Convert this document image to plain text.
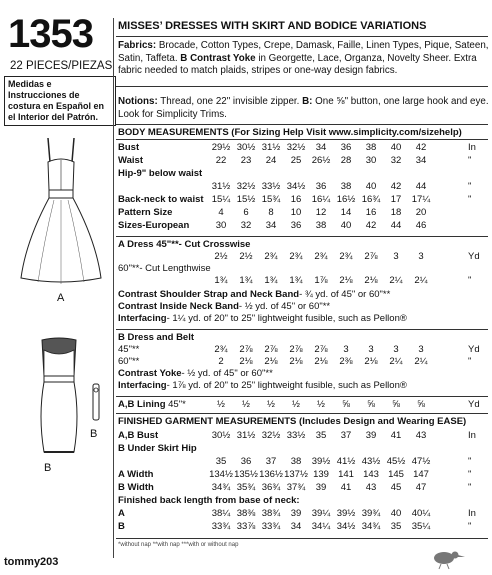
1353
22 PIECES/PIEZAS
Medidas e Instrucciones de costura en Español en el Interior del Patrón.
A
B
B
tommy203
MISSES’ DRESSES WITH SKIRT AND BODICE VARIATIONS
Fabrics: Brocade, Cotton Types, Crepe, Damask, Faille, Linen Types, Pique, Sateen, Satin, Taffeta. B Contrast Yoke in Georgette, Lace, Organza, Novelty Sheer. Extra fabric needed to match plaids, stripes or one-way design fabrics.
Notions: Thread, one 22" invisible zipper. B: One ⅝" button, one large hook and eye. Look for Simplicity Trims.
BODY MEASUREMENTS (For Sizing Help Visit www.simplicity.com/sizehelp)
Bust	29½ 30½ 31½ 32½	34	36	38	40	42	In
Waist	22	23	24	25	26½	28	30	32	34	"
Hip-9" below waist
31½ 32½ 33½ 34½	36	38	40	42	44	"
Back-neck to waist 15¼ 15½ 15¾	16	16¼ 16½ 16¾	17	17¼	"
Pattern Size	4	6	8	10	12	14	16	18	20
Sizes-European	30	32	34	36	38	40	42	44	46
A Dress 45"**- Cut Crosswise
2½	2½	2¾	2¾	2¾	2¾	2⅞	3	3	Yd
60"**- Cut Lengthwise
1¾	1¾	1¾	1¾	1⅞	2⅛	2⅛	2¼	2¼	"
Contrast Shoulder Strap and Neck Band- ¾ yd. of 45" or 60"**
Contrast Inside Neck Band- ½ yd. of 45" or 60"**
Interfacing- 1¼ yd. of 20" to 25" lightweight fusible, such as Pellon®
B Dress and Belt
45"**	2¾	2⅞	2⅞	2⅞	2⅞	3	3	3	3	Yd
60"**	2	2⅛	2⅛	2⅛	2⅛	2⅜	2⅛	2¼	2¼	"
Contrast Yoke- ½ yd. of 45" or 60"**
Interfacing- 1⅞ yd. of 20" to 25" lightweight fusible, such as Pellon®
A,B Lining 45"*	½	½	½	½	½	⅝	⅝	⅝	⅝	Yd
FINISHED GARMENT MEASUREMENTS (Includes Design and Wearing EASE)
A,B Bust	30½ 31½ 32½ 33½	35	37	39	41	43	In
B Under Skirt Hip
35	36	37	38	39½ 41½ 43½ 45½ 47½	"
A Width	134½ 135½ 136½ 137½ 139 141 143 145 147	"
B Width	34¾ 35¾ 36¾ 37¾	39	41	43	45	47	"
Finished back length from base of neck:
A	38¼ 38⅜ 38¾	39	39¼ 39½ 39¾	40	40¼	In
B	33¾ 33⅞ 33¾	34	34¼ 34½ 34¾	35	35¼	"
*without nap **with nap ***with or without nap
